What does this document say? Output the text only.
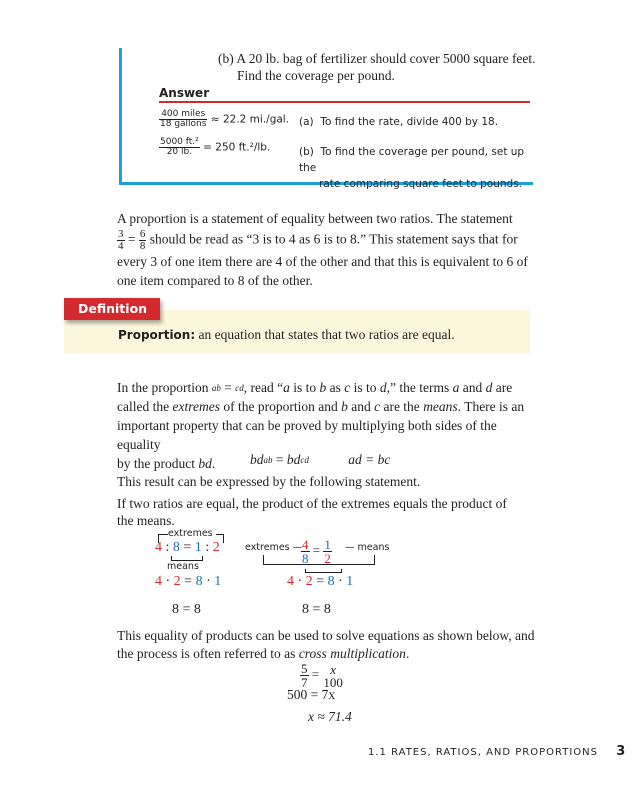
(b) A 20 lb. bag of fertilizer should cover 5000 square feet.
Find the coverage per pound.
Answer
$\frac{\text{400 miles}}{\text{18 gallons}} \approx 22.2$ mi./gal. (a) To find the rate, divide 400 by 18.
$\frac{\text{5000 ft.²}}{20 lb.} = 250$ ft.²/lb.	(b) To find the coverage per pound, set up the
rate comparing square feet to pounds.
A proportion is a statement of equality between two ratios. The statement
$\frac{3}{4} = \frac{6}{8}$ should be read as “3 is to 4 as 6 is to 8.” This statement says that for
every 3 of one item there are 4 of the other and that this is equivalent to 6 of
one item compared to 8 of the other.
Definition
Proportion: an equation that states that two ratios are equal.
In the proportion ab = cd, read “a is to b as c is to d,” the terms a and d are
called the extremes of the proportion and b and c are the means. There is an
important property that can be proved by multiplying both sides of the equality
by the product bd.	bdab = bdcd	ad = bc
This result can be expressed by the following statement.
If two ratios are equal, the product of the extremes equals the product of
the means.
extremes
4 : 8 = 1 : 2
means
4 · 2 = 8 · 1
8 = 8
extremes —
$\frac{4}{8} = \frac{1}{2}$ — means
4 · 2 = 8 · 1
8 = 8
This equality of products can be used to solve equations as shown below, and
the process is often referred to as cross multiplication.
$\frac{5}{7} = x$
100
500 = 7x
x ≈ 71.4
1.1 RATES, RATIOS, AND PROPORTIONS 3
